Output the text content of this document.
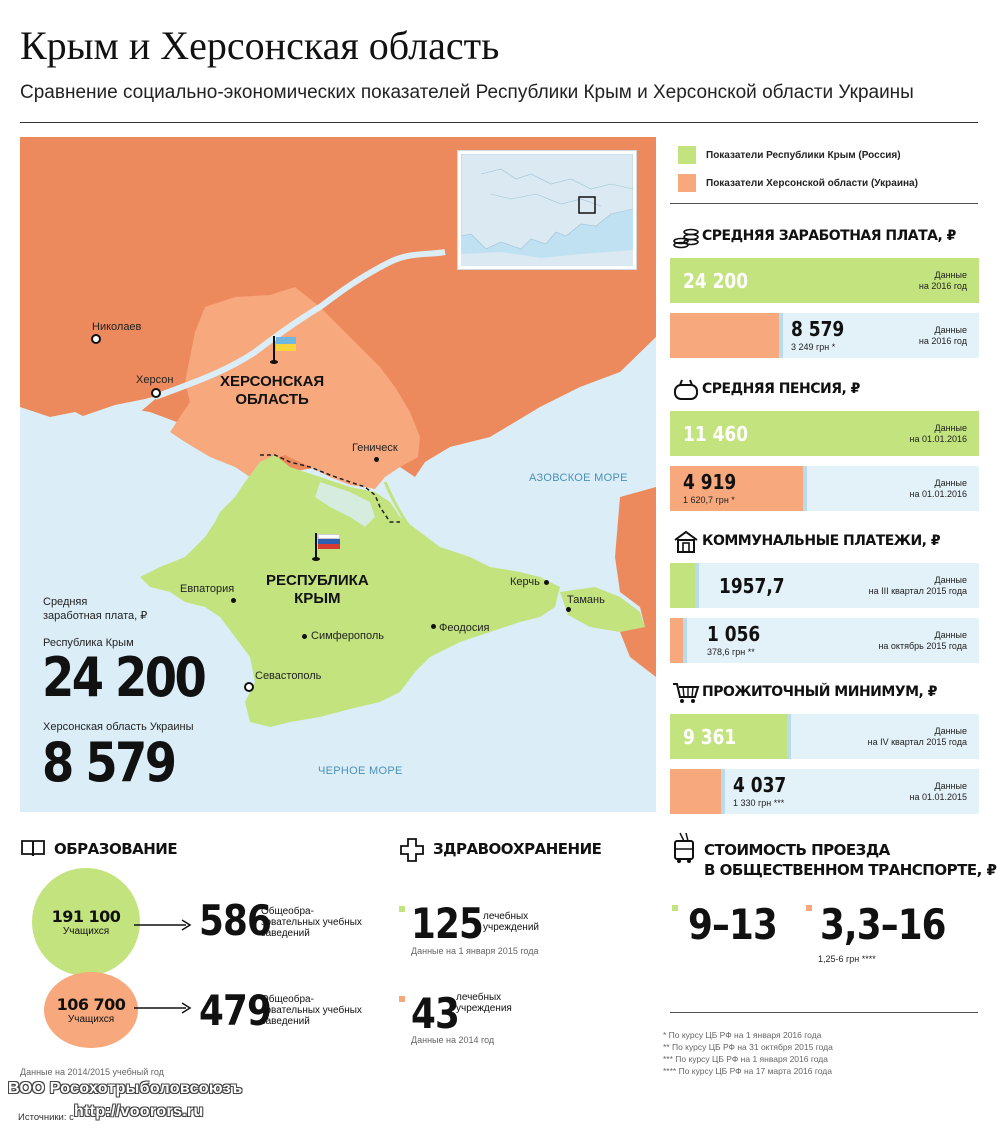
Крым и Херсонская область
Сравнение социально-экономических показателей Республики Крым и Херсонской области Украины
Николаев
Херсон
Геническ
Евпатория
Симферополь
Феодосия
Севастополь
Керчь
Тамань
ХЕРСОНСКАЯ
ОБЛАСТЬ
РЕСПУБЛИКА
КРЫМ
АЗОВСКОЕ МОРЕ
ЧЕРНОЕ МОРЕ
Средняя
заработная плата, ₽
Республика Крым
24 200
Херсонская область Украины
8 579
Показатели Республики Крым (Россия)
Показатели Херсонской области (Украина)
СРЕДНЯЯ ЗАРАБОТНАЯ ПЛАТА, ₽
24 200	Данные
на 2016 год
8 579
3 249 грн *
Данные
на 2016 год
СРЕДНЯЯ ПЕНСИЯ, ₽
11 460	Данные
на 01.01.2016
4 919
1 620,7 грн *
Данные
на 01.01.2016
КОММУНАЛЬНЫЕ ПЛАТЕЖИ, ₽
1957,7	Данные
на III квартал 2015 года
1 056
378,6 грн **
Данные
на октябрь 2015 года
ПРОЖИТОЧНЫЙ МИНИМУМ, ₽
9 361	Данные
на IV квартал 2015 года
4 037
1 330 грн ***
Данные
на 01.01.2015
ОБРАЗОВАНИЕ
191 100
Учащихся
106 700
Учащихся
586
Общеобра-зовательных учебных заведений
479
Общеобра-зовательных учебных заведений
Данные на 2014/2015 учебный год
ЗДРАВООХРАНЕНИЕ
125 лечебных учреждений
Данные на 1 января 2015 года
43
лечебных учреждения
Данные на 2014 год
СТОИМОСТЬ ПРОЕЗДА
В ОБЩЕСТВЕННОМ ТРАНСПОРТЕ, ₽
9–13 3,3–16
1,25-6 грн ****
* По курсу ЦБ РФ на 1 января 2016 года
** По курсу ЦБ РФ на 31 октября 2015 года
*** По курсу ЦБ РФ на 1 января 2016 года
**** По курсу ЦБ РФ на 17 марта 2016 года
Источники: с
ВОО Росохотрыболовсоюзъ
http://voorors.ru
